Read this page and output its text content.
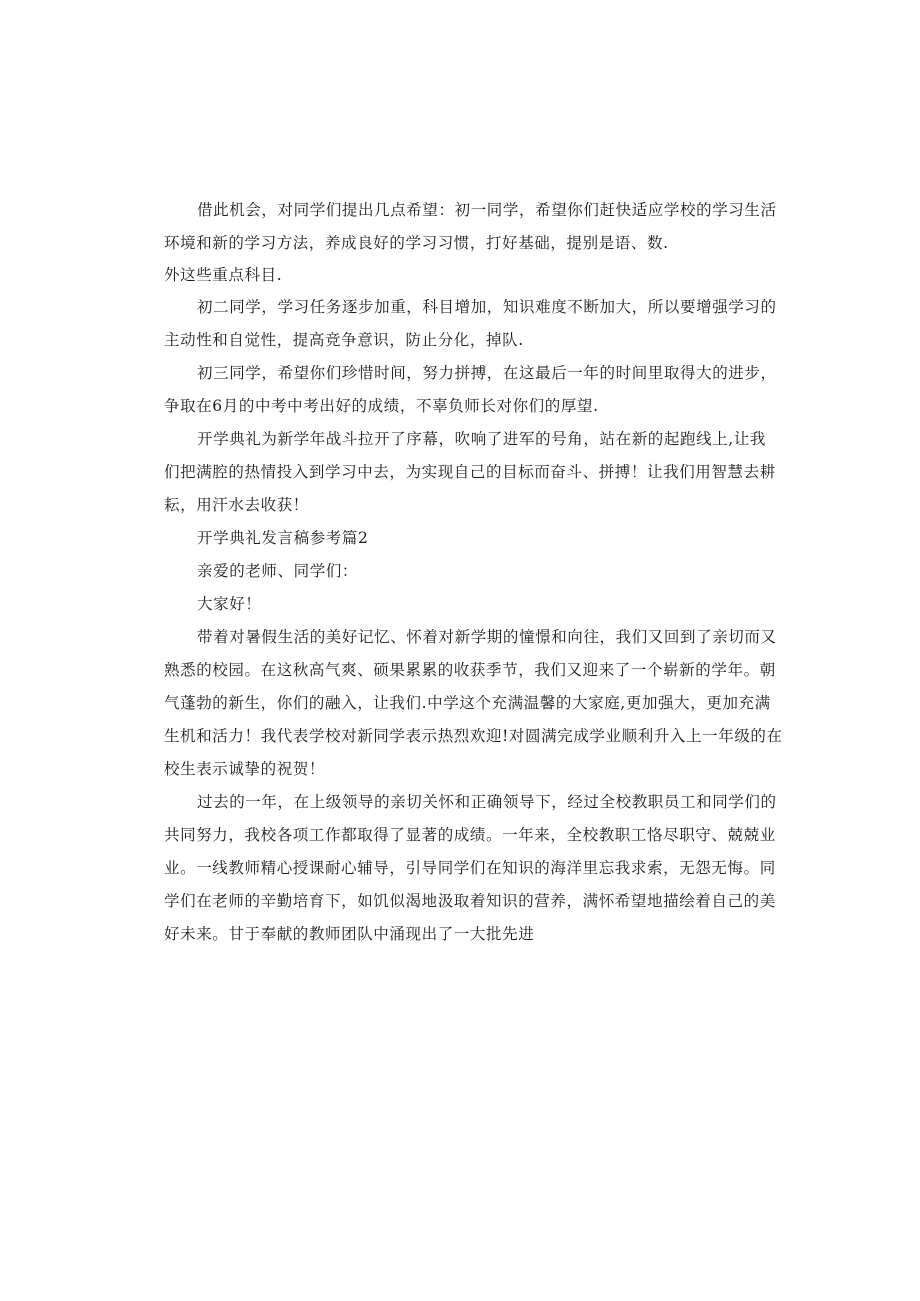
借此机会，对同学们提出几点希望：初一同学，希望你们赶快适应学校的学习生活

环境和新的学习方法，养成良好的学习习惯，打好基础，提别是语、数.

外这些重点科目.

初二同学，学习任务逐步加重，科目增加，知识难度不断加大，所以要增强学习的

主动性和自觉性，提高竞争意识，防止分化，掉队.

初三同学，希望你们珍惜时间，努力拼搏，在这最后一年的时间里取得大的进步，

争取在6月的中考中考出好的成绩，不辜负师长对你们的厚望.

开学典礼为新学年战斗拉开了序幕，吹响了进军的号角，站在新的起跑线上,让我

们把满腔的热情投入到学习中去，为实现自己的目标而奋斗、拼搏！让我们用智慧去耕

耘，用汗水去收获！

开学典礼发言稿参考篇2

亲爱的老师、同学们：

大家好！

带着对暑假生活的美好记忆、怀着对新学期的憧憬和向往，我们又回到了亲切而又

熟悉的校园。在这秋高气爽、硕果累累的收获季节，我们又迎来了一个崭新的学年。朝

气蓬勃的新生，你们的融入，让我们.中学这个充满温馨的大家庭,更加强大，更加充满

生机和活力！我代表学校对新同学表示热烈欢迎!对圆满完成学业顺利升入上一年级的在

校生表示诚挚的祝贺！

过去的一年，在上级领导的亲切关怀和正确领导下，经过全校教职员工和同学们的

共同努力，我校各项工作都取得了显著的成绩。一年来，全校教职工恪尽职守、兢兢业

业。一线教师精心授课耐心辅导，引导同学们在知识的海洋里忘我求索，无怨无悔。同

学们在老师的辛勤培育下，如饥似渴地汲取着知识的营养，满怀希望地描绘着自己的美

好未来。甘于奉献的教师团队中涌现出了一大批先进
